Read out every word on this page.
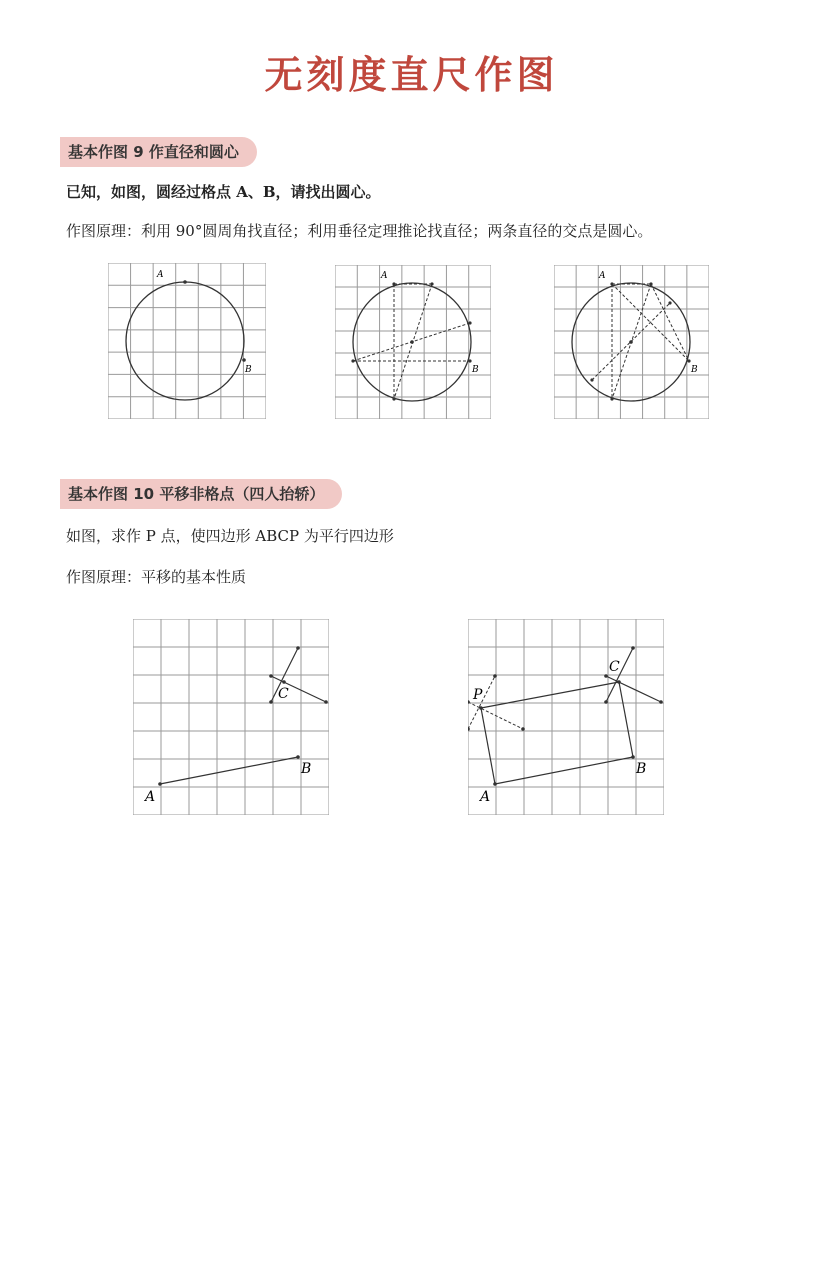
无刻度直尺作图
基本作图 9 作直径和圆心
已知，如图，圆经过格点 A、B，请找出圆心。
作图原理：利用 90°圆周角找直径；利用垂径定理推论找直径；两条直径的交点是圆心。
A
B
A
B
A
B
基本作图 10 平移非格点（四人抬轿）
如图，求作 P 点，使四边形 ABCP 为平行四边形
作图原理：平移的基本性质
A
B
C
A
B
C
P
